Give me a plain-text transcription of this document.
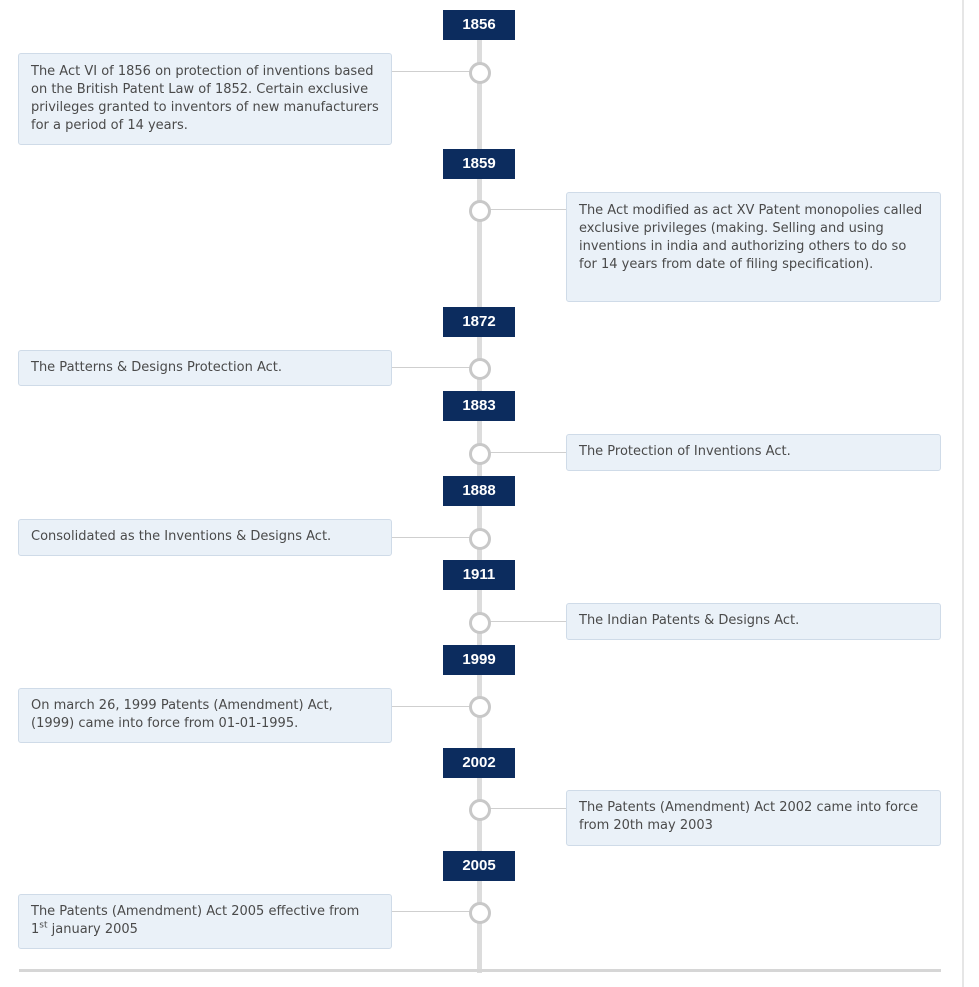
1856
The Act VI of 1856 on protection of inventions based on the British Patent Law of 1852. Certain exclusive privileges granted to inventors of new manufacturers for a period of 14 years.
1859
The Act modified as act XV Patent monopolies called exclusive privileges (making. Selling and using inventions in india and authorizing others to do so for 14 years from date of filing specification).
1872
The Patterns & Designs Protection Act.
1883
The Protection of Inventions Act.
1888
Consolidated as the Inventions & Designs Act.
1911
The Indian Patents & Designs Act.
1999
On march 26, 1999 Patents (Amendment) Act, (1999) came into force from 01-01-1995.
2002
The Patents (Amendment) Act 2002 came into force from 20th may 2003
2005
The Patents (Amendment) Act 2005 effective from 1st january 2005
